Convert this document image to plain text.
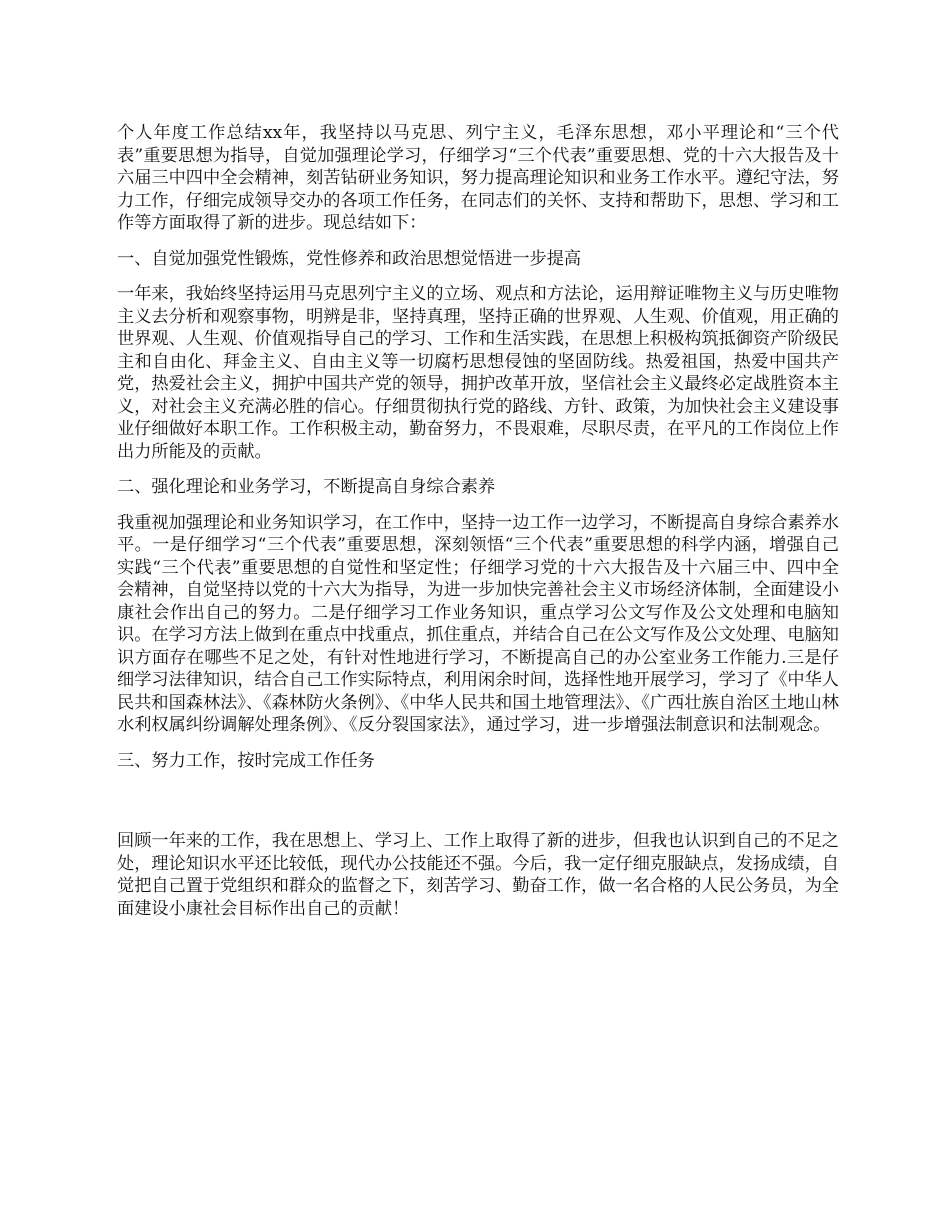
个人年度工作总结xx年，我坚持以马克思、列宁主义，毛泽东思想，邓小平理论和“三个代表”重要思想为指导，自觉加强理论学习，仔细学习“三个代表”重要思想、党的十六大报告及十六届三中四中全会精神，刻苦钻研业务知识，努力提高理论知识和业务工作水平。遵纪守法，努力工作，仔细完成领导交办的各项工作任务，在同志们的关怀、支持和帮助下，思想、学习和工作等方面取得了新的进步。现总结如下：

一、自觉加强党性锻炼，党性修养和政治思想觉悟进一步提高

一年来，我始终坚持运用马克思列宁主义的立场、观点和方法论，运用辩证唯物主义与历史唯物主义去分析和观察事物，明辨是非，坚持真理，坚持正确的世界观、人生观、价值观，用正确的世界观、人生观、价值观指导自己的学习、工作和生活实践，在思想上积极构筑抵御资产阶级民主和自由化、拜金主义、自由主义等一切腐朽思想侵蚀的坚固防线。热爱祖国，热爱中国共产党，热爱社会主义，拥护中国共产党的领导，拥护改革开放，坚信社会主义最终必定战胜资本主义，对社会主义充满必胜的信心。仔细贯彻执行党的路线、方针、政策，为加快社会主义建设事业仔细做好本职工作。工作积极主动，勤奋努力，不畏艰难，尽职尽责，在平凡的工作岗位上作出力所能及的贡献。

二、强化理论和业务学习，不断提高自身综合素养

我重视加强理论和业务知识学习，在工作中，坚持一边工作一边学习，不断提高自身综合素养水平。一是仔细学习“三个代表”重要思想，深刻领悟“三个代表”重要思想的科学内涵，增强自己实践“三个代表”重要思想的自觉性和坚定性；仔细学习党的十六大报告及十六届三中、四中全会精神，自觉坚持以党的十六大为指导，为进一步加快完善社会主义市场经济体制，全面建设小康社会作出自己的努力。二是仔细学习工作业务知识，重点学习公文写作及公文处理和电脑知识。在学习方法上做到在重点中找重点，抓住重点，并结合自己在公文写作及公文处理、电脑知识方面存在哪些不足之处，有针对性地进行学习，不断提高自己的办公室业务工作能力.三是仔细学习法律知识，结合自己工作实际特点，利用闲余时间，选择性地开展学习，学习了《中华人民共和国森林法》、《森林防火条例》、《中华人民共和国土地管理法》、《广西壮族自治区土地山林水利权属纠纷调解处理条例》、《反分裂国家法》，通过学习，进一步增强法制意识和法制观念。

三、努力工作，按时完成工作任务

回顾一年来的工作，我在思想上、学习上、工作上取得了新的进步，但我也认识到自己的不足之处，理论知识水平还比较低，现代办公技能还不强。今后，我一定仔细克服缺点，发扬成绩，自觉把自己置于党组织和群众的监督之下，刻苦学习、勤奋工作，做一名合格的人民公务员，为全面建设小康社会目标作出自己的贡献！
